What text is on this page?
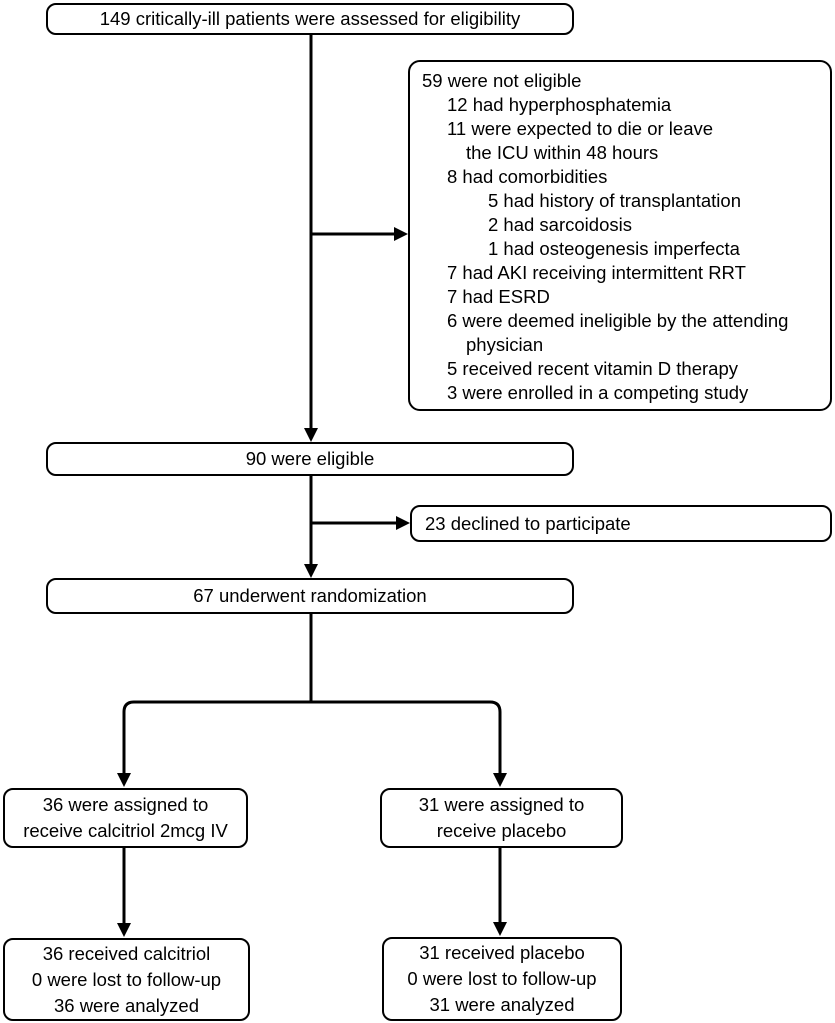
149 critically-ill patients were assessed for eligibility
59 were not eligible
12 had hyperphosphatemia
11 were expected to die or leave
the ICU within 48 hours
8 had comorbidities
5 had history of transplantation
2 had sarcoidosis
1 had osteogenesis imperfecta
7 had AKI receiving intermittent RRT
7 had ESRD
6 were deemed ineligible by the attending
physician
5 received recent vitamin D therapy
3 were enrolled in a competing study
90 were eligible
23 declined to participate
67 underwent randomization
36 were assigned to
receive calcitriol 2mcg IV
31 were assigned to
receive placebo
36 received calcitriol
0 were lost to follow-up
36 were analyzed
31 received placebo
0 were lost to follow-up
31 were analyzed
